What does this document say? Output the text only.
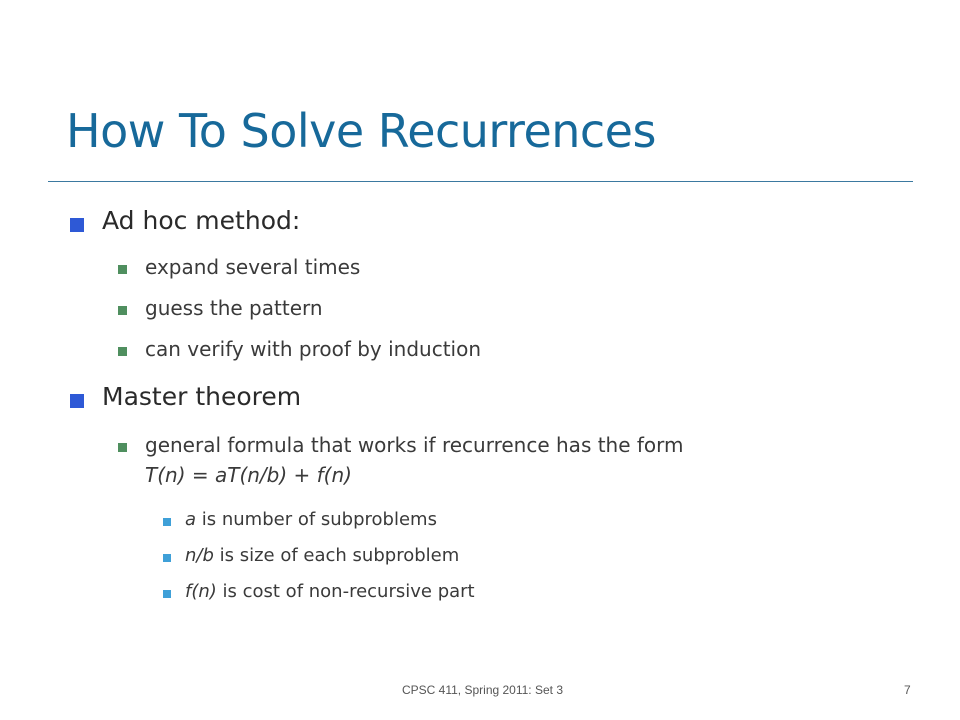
How To Solve Recurrences
Ad hoc method:
expand several times
guess the pattern
can verify with proof by induction
Master theorem
general formula that works if recurrence has the form
T(n) = aT(n/b) + f(n)
a is number of subproblems
n/b is size of each subproblem
f(n) is cost of non-recursive part
CPSC 411, Spring 2011: Set 3	7
